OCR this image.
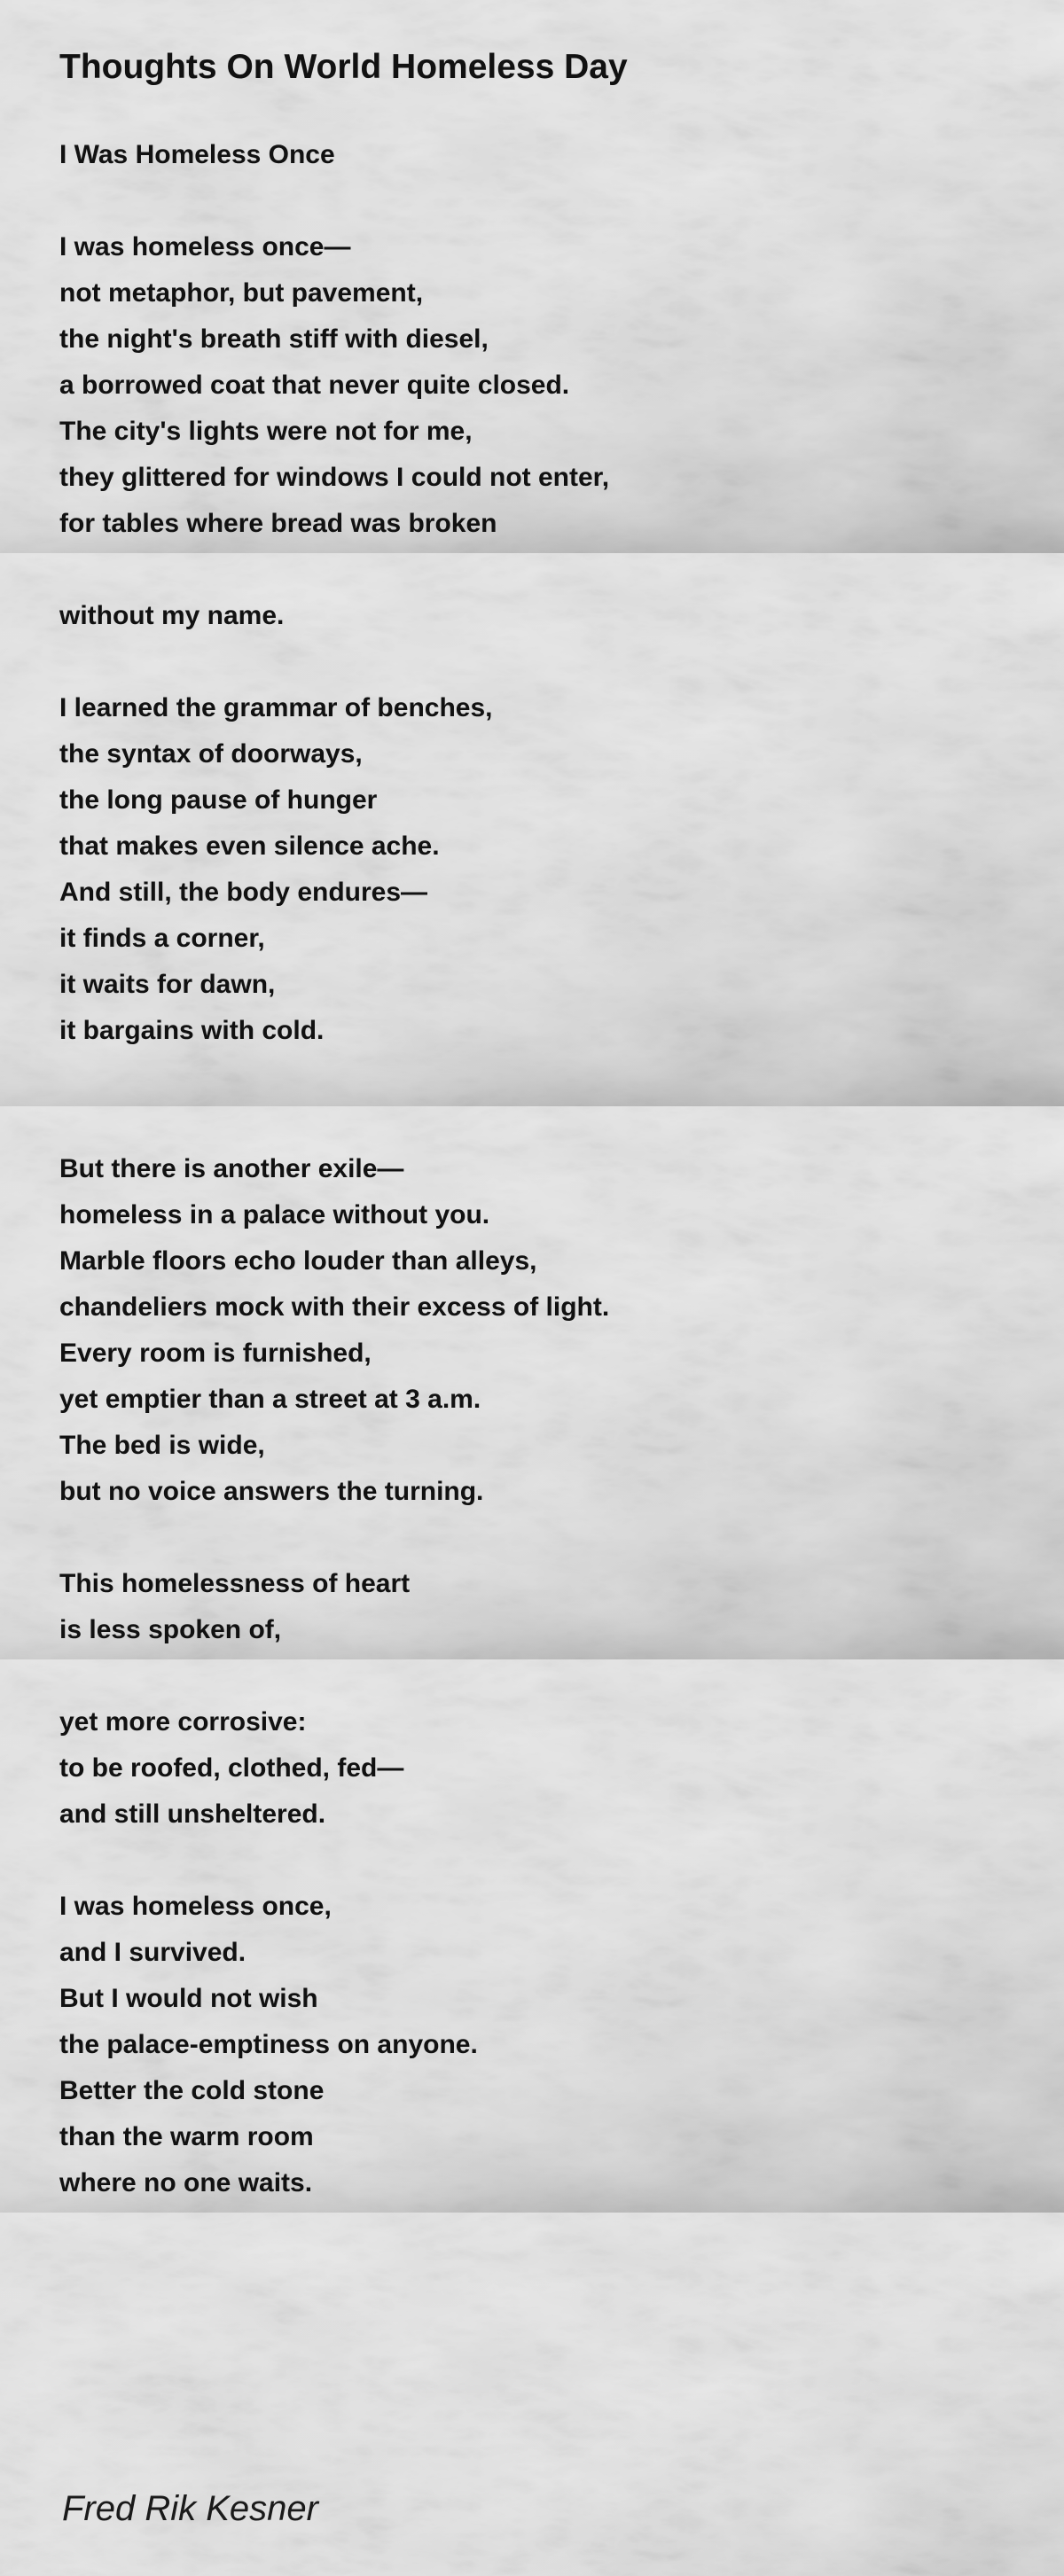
Thoughts On World Homeless Day
I Was Homeless Once
I was homeless once—
not metaphor, but pavement,
the night's breath stiff with diesel,
a borrowed coat that never quite closed.
The city's lights were not for me,
they glittered for windows I could not enter,
for tables where bread was broken
without my name.
I learned the grammar of benches,
the syntax of doorways,
the long pause of hunger
that makes even silence ache.
And still, the body endures—
it finds a corner,
it waits for dawn,
it bargains with cold.
But there is another exile—
homeless in a palace without you.
Marble floors echo louder than alleys,
chandeliers mock with their excess of light.
Every room is furnished,
yet emptier than a street at 3 a.m.
The bed is wide,
but no voice answers the turning.
This homelessness of heart
is less spoken of,
yet more corrosive:
to be roofed, clothed, fed—
and still unsheltered.
I was homeless once,
and I survived.
But I would not wish
the palace-emptiness on anyone.
Better the cold stone
than the warm room
where no one waits.
Fred Rik Kesner
